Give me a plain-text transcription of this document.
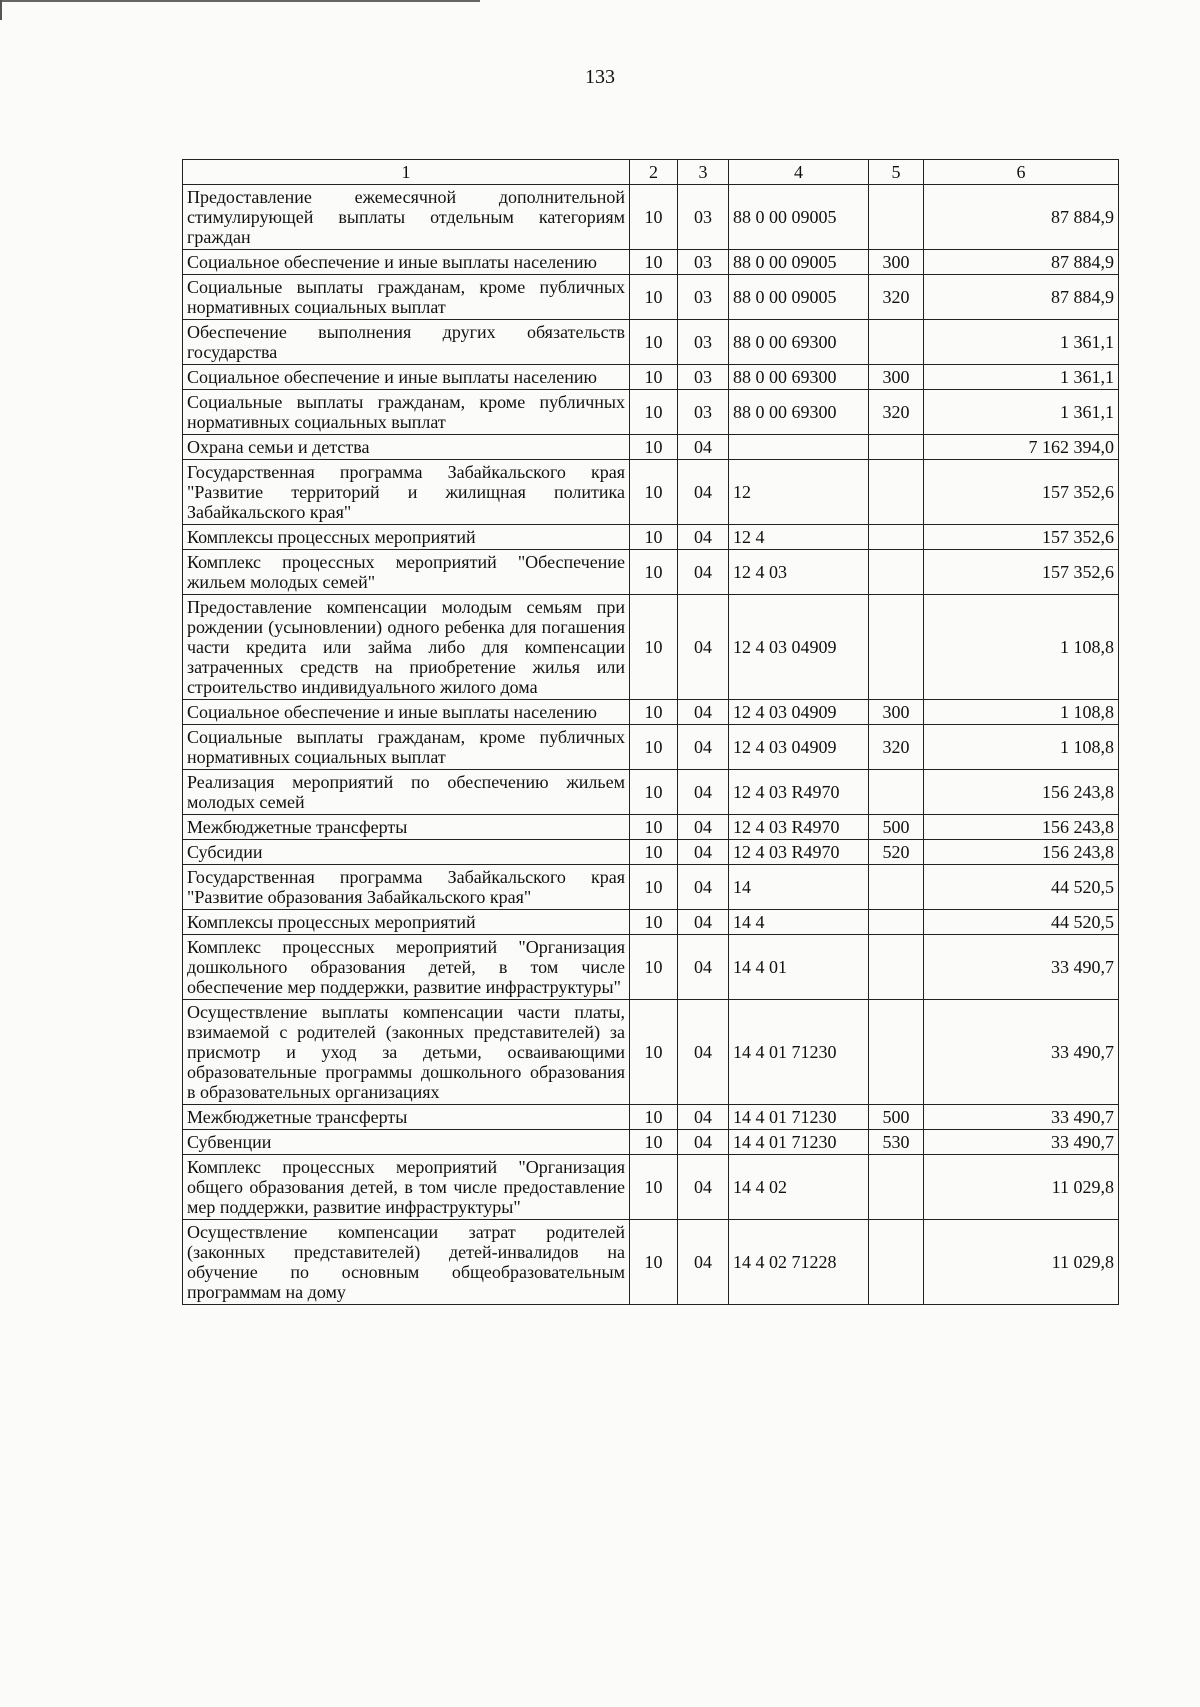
133
1	2	3	4	5	6
Предоставление ежемесячной дополнительной стимулирующей выплаты отдельным категориям граждан	10	03	88 0 00 09005		87 884,9
Социальное обеспечение и иные выплаты населению	10	03	88 0 00 09005	300	87 884,9
Социальные выплаты гражданам, кроме публичных нормативных социальных выплат	10	03	88 0 00 09005	320	87 884,9
Обеспечение выполнения других обязательств государства	10	03	88 0 00 69300		1 361,1
Социальное обеспечение и иные выплаты населению	10	03	88 0 00 69300	300	1 361,1
Социальные выплаты гражданам, кроме публичных нормативных социальных выплат	10	03	88 0 00 69300	320	1 361,1
Охрана семьи и детства	10	04			7 162 394,0
Государственная программа Забайкальского края "Развитие территорий и жилищная политика Забайкальского края"	10	04	12		157 352,6
Комплексы процессных мероприятий	10	04	12 4		157 352,6
Комплекс процессных мероприятий "Обеспечение жильем молодых семей"	10	04	12 4 03		157 352,6
Предоставление компенсации молодым семьям при рождении (усыновлении) одного ребенка для погашения части кредита или займа либо для компенсации затраченных средств на приобретение жилья или строительство индивидуального жилого дома	10	04	12 4 03 04909		1 108,8
Социальное обеспечение и иные выплаты населению	10	04	12 4 03 04909	300	1 108,8
Социальные выплаты гражданам, кроме публичных нормативных социальных выплат	10	04	12 4 03 04909	320	1 108,8
Реализация мероприятий по обеспечению жильем молодых семей	10	04	12 4 03 R4970		156 243,8
Межбюджетные трансферты	10	04	12 4 03 R4970	500	156 243,8
Субсидии	10	04	12 4 03 R4970	520	156 243,8
Государственная программа Забайкальского края "Развитие образования Забайкальского края"	10	04	14		44 520,5
Комплексы процессных мероприятий	10	04	14 4		44 520,5
Комплекс процессных мероприятий "Организация дошкольного образования детей, в том числе обеспечение мер поддержки, развитие инфраструктуры"	10	04	14 4 01		33 490,7
Осуществление выплаты компенсации части платы, взимаемой с родителей (законных представителей) за присмотр и уход за детьми, осваивающими образовательные программы дошкольного образования в образовательных организациях	10	04	14 4 01 71230		33 490,7
Межбюджетные трансферты	10	04	14 4 01 71230	500	33 490,7
Субвенции	10	04	14 4 01 71230	530	33 490,7
Комплекс процессных мероприятий "Организация общего образования детей, в том числе предоставление мер поддержки, развитие инфраструктуры"	10	04	14 4 02		11 029,8
Осуществление компенсации затрат родителей (законных представителей) детей-инвалидов на обучение по основным общеобразовательным программам на дому	10	04	14 4 02 71228		11 029,8
